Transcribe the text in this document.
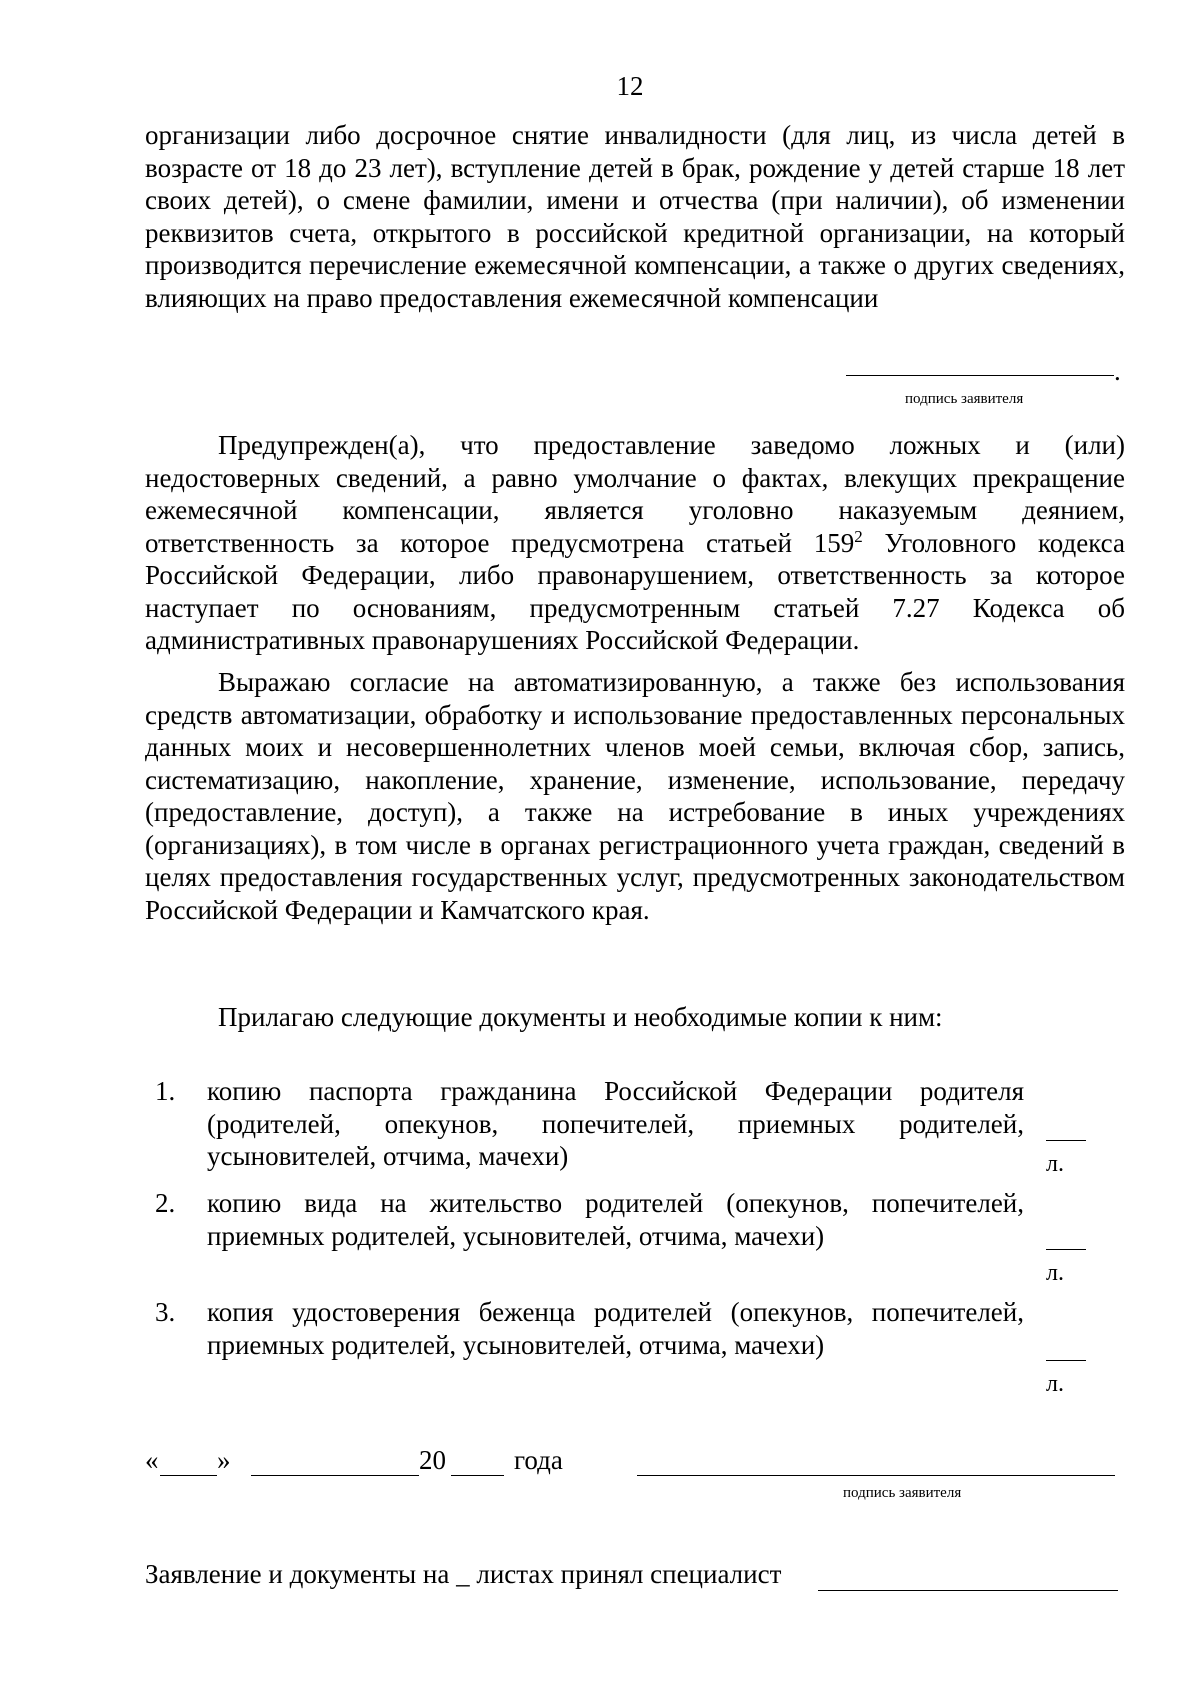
12
организации либо досрочное снятие инвалидности (для лиц, из числа детей в возрасте от 18 до 23 лет), вступление детей в брак, рождение у детей старше 18 лет своих детей), о смене фамилии, имени и отчества (при наличии), об изменении реквизитов счета, открытого в российской кредитной организации, на который производится перечисление ежемесячной компенсации, а также о других сведениях, влияющих на право предоставления ежемесячной компенсации
.
подпись заявителя
Предупрежден(а), что предоставление заведомо ложных и (или) недостоверных сведений, а равно умолчание о фактах, влекущих прекращение ежемесячной компенсации, является уголовно наказуемым деянием, ответственность за которое предусмотрена статьей $159^2$ Уголовного кодекса Российской Федерации, либо правонарушением, ответственность за которое наступает по основаниям, предусмотренным статьей 7.27 Кодекса об административных правонарушениях Российской Федерации.
Выражаю согласие на автоматизированную, а также без использования средств автоматизации, обработку и использование предоставленных персональных данных моих и несовершеннолетних членов моей семьи, включая сбор, запись, систематизацию, накопление, хранение, изменение, использование, передачу (предоставление, доступ), а также на истребование в иных учреждениях (организациях), в том числе в органах регистрационного учета граждан, сведений в целях предоставления государственных услуг, предусмотренных законодательством Российской Федерации и Камчатского края.
Прилагаю следующие документы и необходимые копии к ним:
1. копию паспорта гражданина Российской Федерации родителя (родителей, опекунов, попечителей, приемных родителей, усыновителей, отчима, мачехи)	л.
2. копию вида на жительство родителей (опекунов, попечителей, приемных родителей, усыновителей, отчима, мачехи)
л.
3. копия удостоверения беженца родителей (опекунов, попечителей, приемных родителей, усыновителей, отчима, мачехи)
л.
« »	20	года
подпись заявителя
Заявление и документы на _ листах принял специалист
